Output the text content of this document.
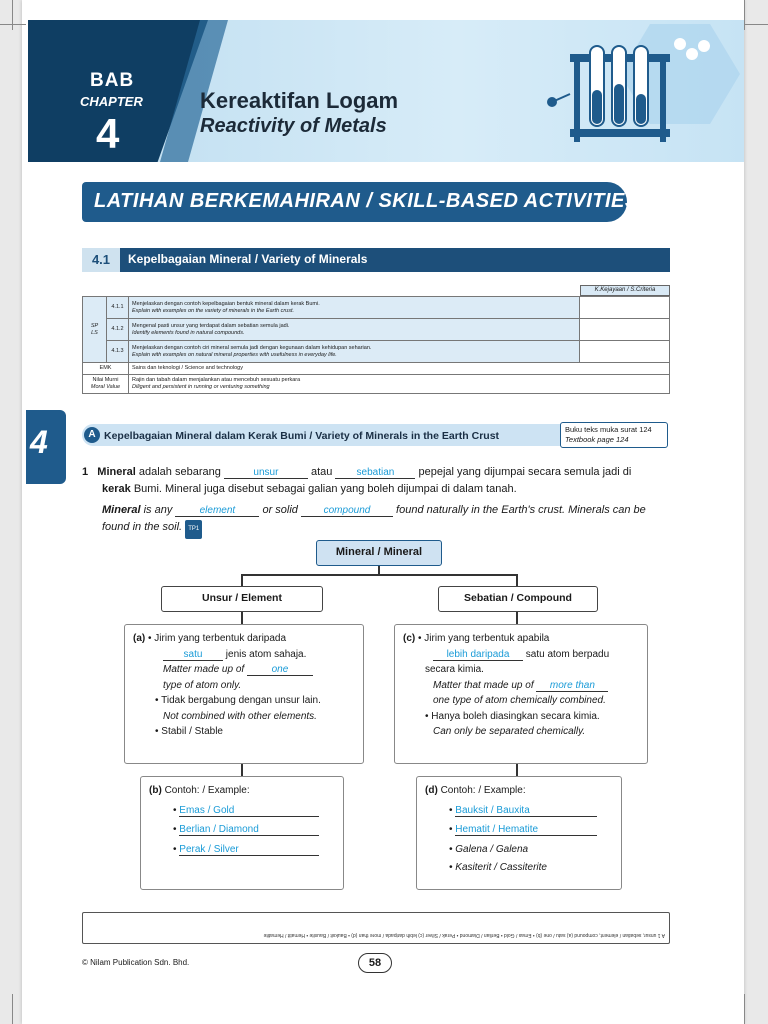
BAB
CHAPTER
4
Kereaktifan Logam
Reactivity of Metals
LATIHAN BERKEMAHIRAN / SKILL-BASED ACTIVITIES
4.1	Kepelbagaian Mineral / Variety of Minerals
K.Kejayaan / S.Criteria
SP
LS	4.1.1	Menjelaskan dengan contoh kepelbagaian bentuk mineral dalam kerak Bumi.
Explain with examples on the variety of minerals in the Earth crust.	
	4.1.2	Mengenal pasti unsur yang terdapat dalam sebatian semula jadi.
Identify elements found in natural compounds.	
	4.1.3	Menjelaskan dengan contoh ciri mineral semula jadi dengan kegunaan dalam kehidupan seharian.
Explain with examples on natural mineral properties with usefulness in everyday life.	
EMK		Sains dan teknologi / Science and technology	
Nilai Murni
Moral Value		Rajin dan tabah dalam menjalankan atau mencebuh sesuatu perkara
Diligent and persistent in running or venturing something	
4	A Kepelbagaian Mineral dalam Kerak Bumi / Variety of Minerals in the Earth Crust
Buku teks muka surat 124
Textbook page 124
1 Mineral adalah sebarang	unsur	atau sebatian pepejal yang dijumpai secara semula jadi di
kerak Bumi. Mineral juga disebut sebagai galian yang boleh dijumpai di dalam tanah.
Mineral is any	element or solid	compound found naturally in the Earth's crust. Minerals can be
found in the soil. TP1
Mineral / Mineral
Unsur / Element	Sebatian / Compound
(a) • Jirim yang terbentuk daripada
satu jenis atom sahaja.
Matter made up of	one
type of atom only.
• Tidak bergabung dengan unsur lain.
Not combined with other elements.
• Stabil / Stable
(c) • Jirim yang terbentuk apabila
lebih daripada satu atom berpadu
secara kimia.
Matter that made up of more than
one type of atom chemically combined.
• Hanya boleh diasingkan secara kimia.
Can only be separated chemically.
(b) Contoh: / Example:
• Emas / Gold
• Berlian / Diamond
• Perak / Silver
(d) Contoh: / Example:
• Bauksit / Bauxita
• Hematit / Hematite
• Galena / Galena
• Kasiterit / Cassiterite
A 1 unsur, sebatian / element, compound (a) satu / one (b) • Emas / Gold • Berlian / Diamond • Perak / Silver (c) lebih daripada / more than (d) • Bauksit / Bauxite • Hematit / Hematite
© Nilam Publication Sdn. Bhd.	58
